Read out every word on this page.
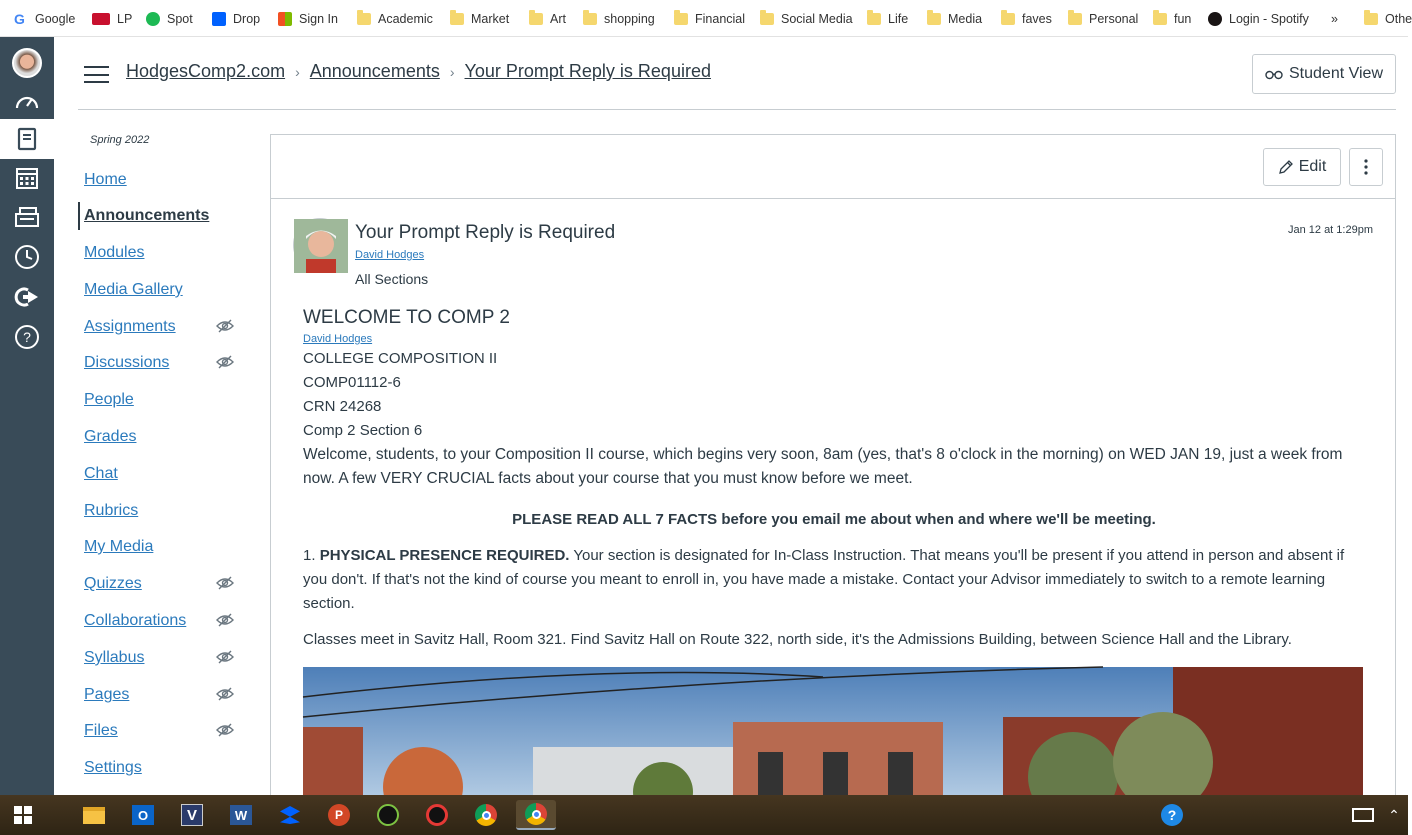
G Google	LP	Spot	Drop	Sign In	Academic	Market	Art	shopping	Financial	Social Media	Life	Media	faves	Personal	fun	Login - Spotify »	Othe
?
HodgesComp2.com › Announcements › Your Prompt Reply is Required	Student View
Spring 2022
Home
Announcements
Modules
Media Gallery
Assignments
Discussions
People
Grades
Chat
Rubrics
My Media
Quizzes
Collaborations
Syllabus
Pages
Files
Settings
Edit
Your Prompt Reply is Required
David Hodges
All Sections
Jan 12 at 1:29pm
WELCOME TO COMP 2
David Hodges

COLLEGE COMPOSITION II

COMP01112-6

CRN 24268

Comp 2 Section 6

Welcome, students, to your Composition II course, which begins very soon, 8am (yes, that's 8 o'clock in the morning) on WED JAN 19, just a week from now. A few VERY CRUCIAL facts about your course that you must know before we meet.

PLEASE READ ALL 7 FACTS before you email me about when and where we'll be meeting.

1. PHYSICAL PRESENCE REQUIRED. Your section is designated for In-Class Instruction. That means you'll be present if you attend in person and absent if you don't. If that's not the kind of course you meant to enroll in, you have made a mistake. Contact your Advisor immediately to switch to a remote learning section.

Classes meet in Savitz Hall, Room 321. Find Savitz Hall on Route 322, north side, it's the Admissions Building, between Science Hall and the Library.

O	V	W	P	?	⌃
